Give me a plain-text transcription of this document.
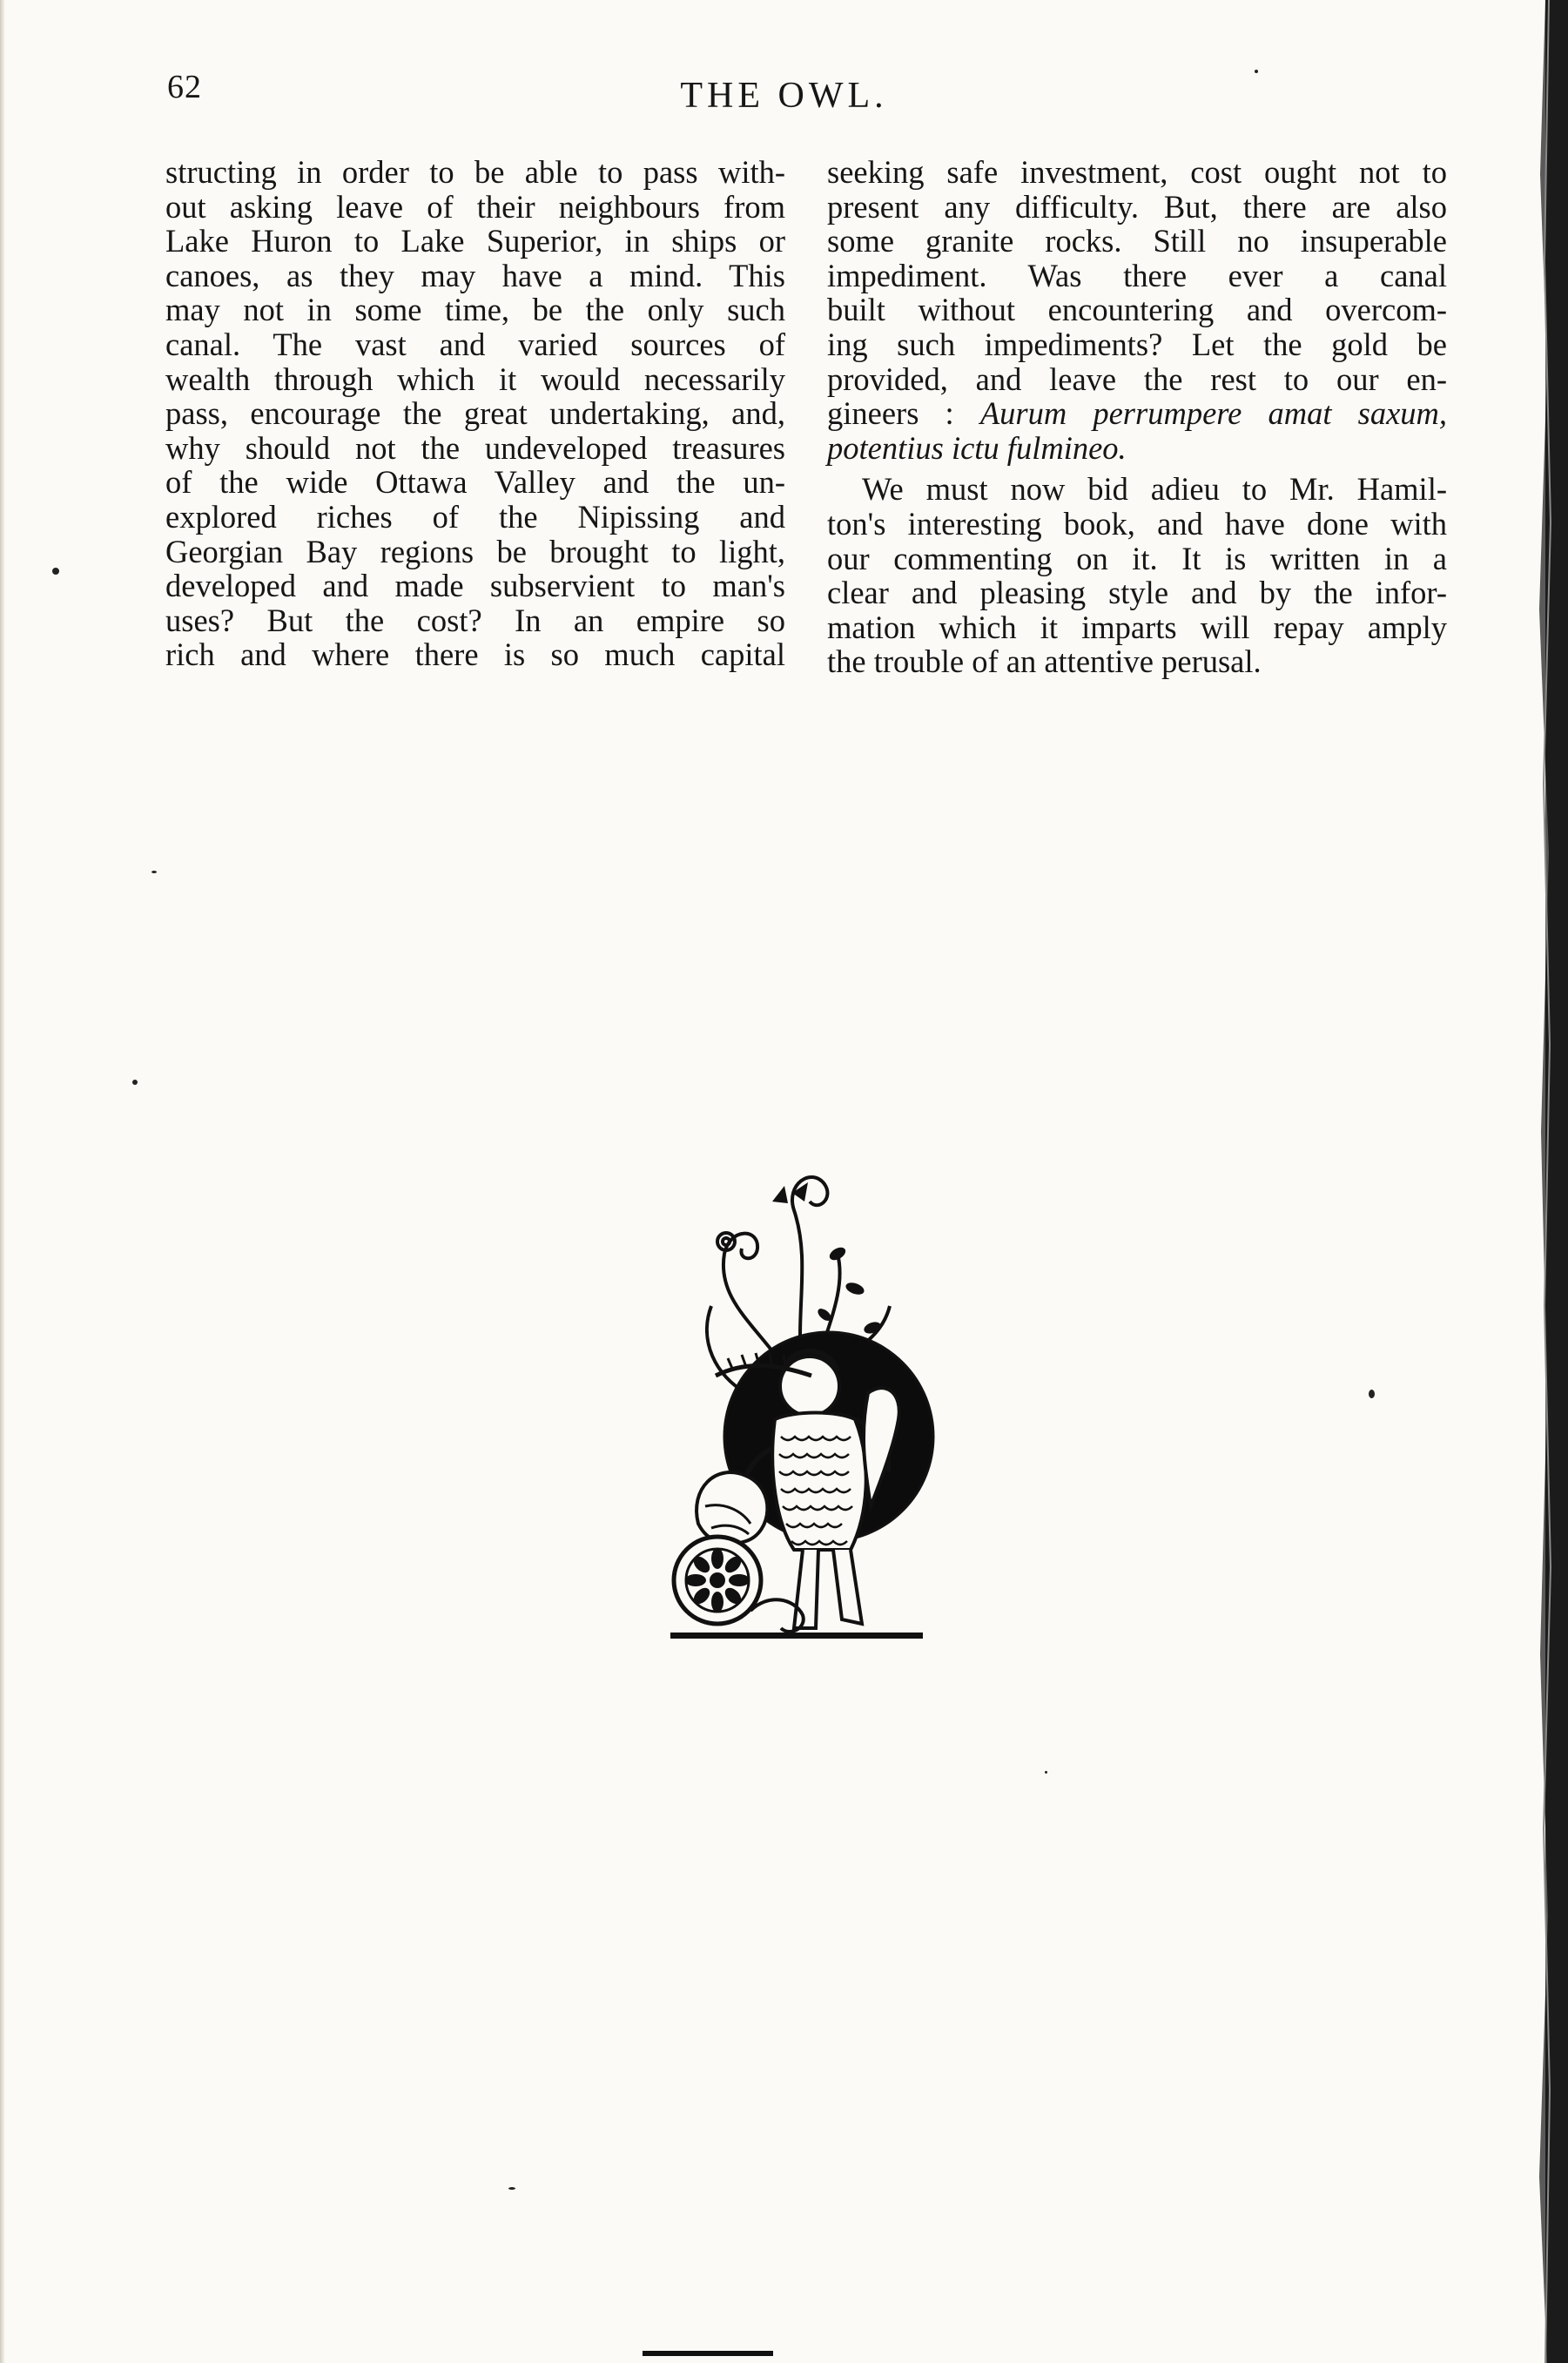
62	THE OWL.
structing in order to be able to pass with-
out asking leave of their neighbours from
Lake Huron to Lake Superior, in ships or
canoes, as they may have a mind. This
may not in some time, be the only such
canal. The vast and varied sources of
wealth through which it would necessarily
pass, encourage the great undertaking, and,
why should not the undeveloped treasures
of the wide Ottawa Valley and the un-
explored riches of the Nipissing and
Georgian Bay regions be brought to light,
developed and made subservient to man's
uses? But the cost? In an empire so
rich and where there is so much capital
seeking safe investment, cost ought not to
present any difficulty. But, there are also
some granite rocks. Still no insuperable
impediment. Was there ever a canal
built without encountering and overcom-
ing such impediments? Let the gold be
provided, and leave the rest to our en-
gineers : Aurum perrumpere amat saxum,
potentius ictu fulmineo.
We must now bid adieu to Mr. Hamil-
ton's interesting book, and have done with
our commenting on it. It is written in a
clear and pleasing style and by the infor-
mation which it imparts will repay amply
the trouble of an attentive perusal.
